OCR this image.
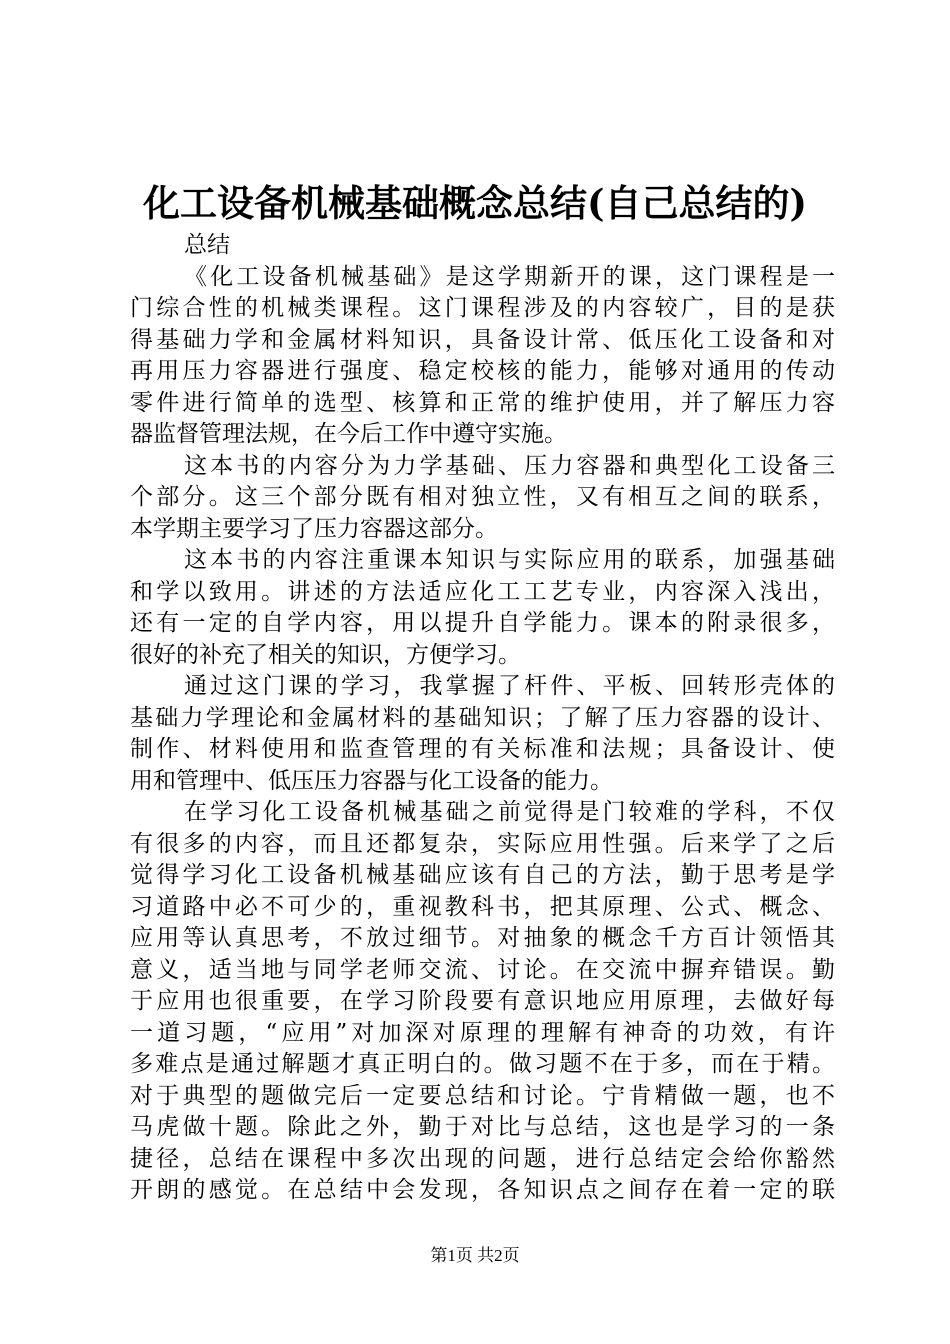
化工设备机械基础概念总结(自己总结的)
总结
《化工设备机械基础》是这学期新开的课，这门课程是一
门综合性的机械类课程。这门课程涉及的内容较广，目的是获
得基础力学和金属材料知识，具备设计常、低压化工设备和对
再用压力容器进行强度、稳定校核的能力，能够对通用的传动
零件进行简单的选型、核算和正常的维护使用，并了解压力容
器监督管理法规，在今后工作中遵守实施。
这本书的内容分为力学基础、压力容器和典型化工设备三
个部分。这三个部分既有相对独立性，又有相互之间的联系，
本学期主要学习了压力容器这部分。
这本书的内容注重课本知识与实际应用的联系，加强基础
和学以致用。讲述的方法适应化工工艺专业，内容深入浅出，
还有一定的自学内容，用以提升自学能力。课本的附录很多，
很好的补充了相关的知识，方便学习。
通过这门课的学习，我掌握了杆件、平板、回转形壳体的
基础力学理论和金属材料的基础知识；了解了压力容器的设计、
制作、材料使用和监查管理的有关标准和法规；具备设计、使
用和管理中、低压压力容器与化工设备的能力。
在学习化工设备机械基础之前觉得是门较难的学科，不仅
有很多的内容，而且还都复杂，实际应用性强。后来学了之后
觉得学习化工设备机械基础应该有自己的方法，勤于思考是学
习道路中必不可少的，重视教科书，把其原理、公式、概念、
应用等认真思考，不放过细节。对抽象的概念千方百计领悟其
意义，适当地与同学老师交流、讨论。在交流中摒弃错误。勤
于应用也很重要，在学习阶段要有意识地应用原理，去做好每
一道习题，“应用”对加深对原理的理解有神奇的功效，有许
多难点是通过解题才真正明白的。做习题不在于多，而在于精。
对于典型的题做完后一定要总结和讨论。宁肯精做一题，也不
马虎做十题。除此之外，勤于对比与总结，这也是学习的一条
捷径，总结在课程中多次出现的问题，进行总结定会给你豁然
开朗的感觉。在总结中会发现，各知识点之间存在着一定的联
第1页 共2页
